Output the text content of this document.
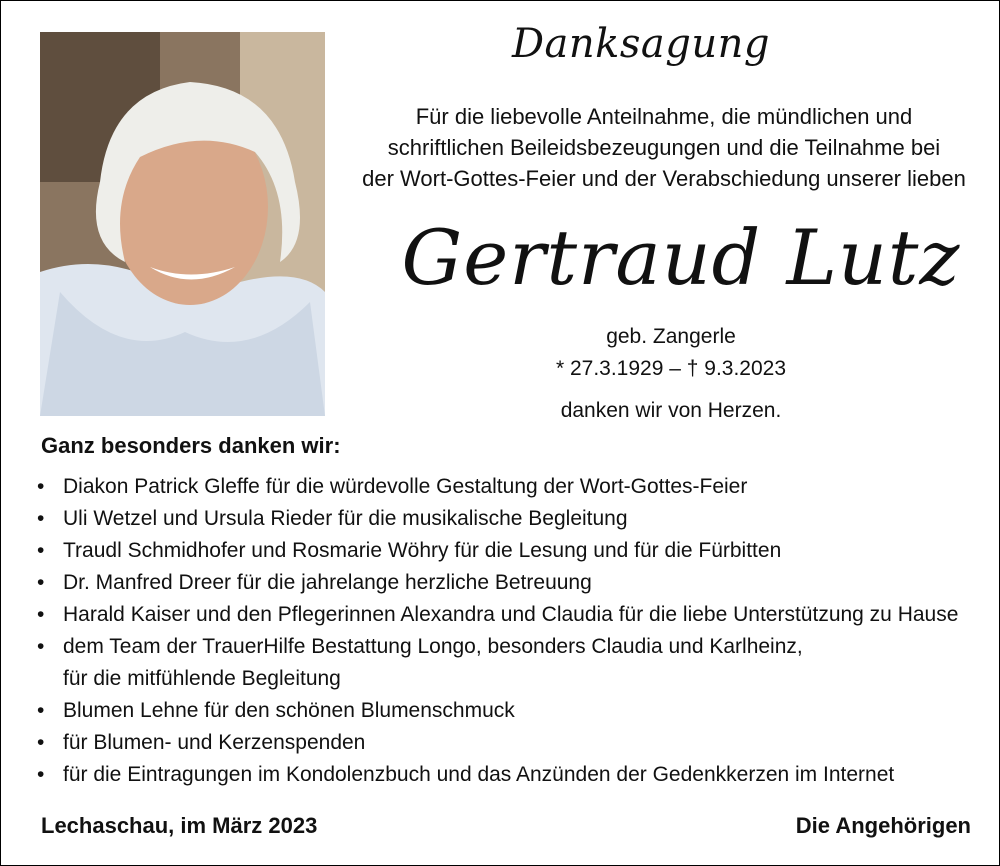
Danksagung
Für die liebevolle Anteilnahme, die mündlichen und
schriftlichen Beileidsbezeugungen und die Teilnahme bei
der Wort-Gottes-Feier und der Verabschiedung unserer lieben
Gertraud Lutz
geb. Zangerle
* 27.3.1929 – † 9.3.2023
danken wir von Herzen.
Ganz besonders danken wir:
• Diakon Patrick Gleffe für die würdevolle Gestaltung der Wort-Gottes-Feier
• Uli Wetzel und Ursula Rieder für die musikalische Begleitung
• Traudl Schmidhofer und Rosmarie Wöhry für die Lesung und für die Fürbitten
• Dr. Manfred Dreer für die jahrelange herzliche Betreuung
• Harald Kaiser und den Pflegerinnen Alexandra und Claudia für die liebe Unterstützung zu Hause
• dem Team der TrauerHilfe Bestattung Longo, besonders Claudia und Karlheinz,
für die mitfühlende Begleitung
• Blumen Lehne für den schönen Blumenschmuck
• für Blumen- und Kerzenspenden
• für die Eintragungen im Kondolenzbuch und das Anzünden der Gedenkkerzen im Internet
Lechaschau, im März 2023	Die Angehörigen
